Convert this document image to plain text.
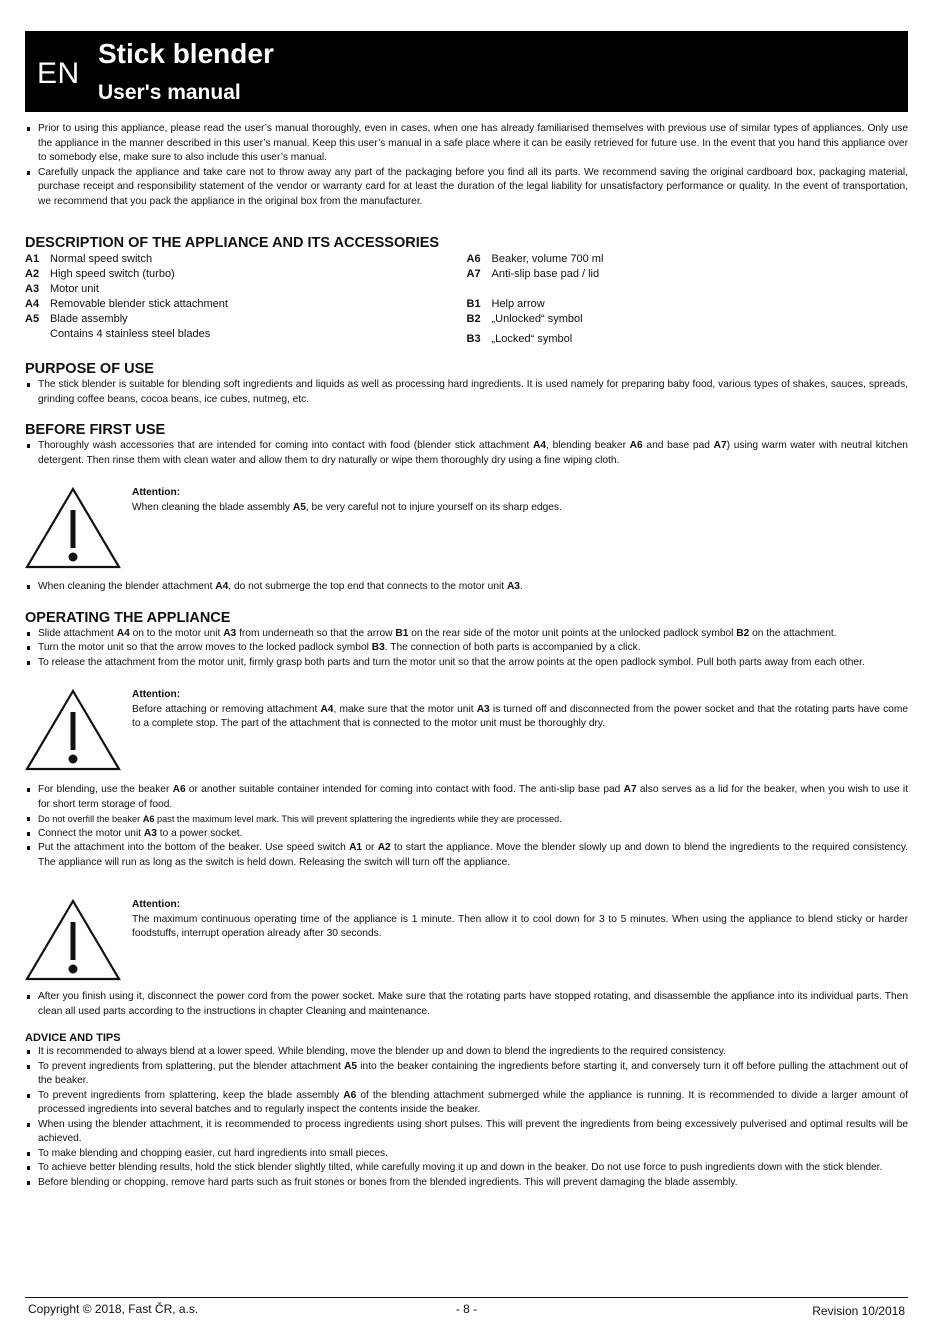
EN
Stick blender
User's manual
Prior to using this appliance, please read the user’s manual thoroughly, even in cases, when one has already familiarised themselves with previous use of similar types of appliances. Only use the appliance in the manner described in this user’s manual. Keep this user’s manual in a safe place where it can be easily retrieved for future use. In the event that you hand this appliance over to somebody else, make sure to also include this user’s manual.
Carefully unpack the appliance and take care not to throw away any part of the packaging before you find all its parts. We recommend saving the original cardboard box, packaging material, purchase receipt and responsibility statement of the vendor or warranty card for at least the duration of the legal liability for unsatisfactory performance or quality. In the event of transportation, we recommend that you pack the appliance in the original box from the manufacturer.
DESCRIPTION OF THE APPLIANCE AND ITS ACCESSORIES
A1 Normal speed switch
A2 High speed switch (turbo)
A3 Motor unit
A4 Removable blender stick attachment
A5 Blade assembly
Contains 4 stainless steel blades
A6 Beaker, volume 700 ml
A7 Anti-slip base pad / lid
B1 Help arrow
B2 „Unlocked“ symbol
B3 „Locked“ symbol
PURPOSE OF USE
The stick blender is suitable for blending soft ingredients and liquids as well as processing hard ingredients. It is used namely for preparing baby food, various types of shakes, sauces, spreads, grinding coffee beans, cocoa beans, ice cubes, nutmeg, etc.
BEFORE FIRST USE
Thoroughly wash accessories that are intended for coming into contact with food (blender stick attachment A4, blending beaker A6 and base pad A7) using warm water with neutral kitchen detergent. Then rinse them with clean water and allow them to dry naturally or wipe them thoroughly dry using a fine wiping cloth.
Attention:
When cleaning the blade assembly A5, be very careful not to injure yourself on its sharp edges.
When cleaning the blender attachment A4, do not submerge the top end that connects to the motor unit A3.
OPERATING THE APPLIANCE
Slide attachment A4 on to the motor unit A3 from underneath so that the arrow B1 on the rear side of the motor unit points at the unlocked padlock symbol B2 on the attachment.
Turn the motor unit so that the arrow moves to the locked padlock symbol B3. The connection of both parts is accompanied by a click.
To release the attachment from the motor unit, firmly grasp both parts and turn the motor unit so that the arrow points at the open padlock symbol. Pull both parts away from each other.
Attention:
Before attaching or removing attachment A4, make sure that the motor unit A3 is turned off and disconnected from the power socket and that the rotating parts have come to a complete stop. The part of the attachment that is connected to the motor unit must be thoroughly dry.
For blending, use the beaker A6 or another suitable container intended for coming into contact with food. The anti-slip base pad A7 also serves as a lid for the beaker, when you wish to use it for short term storage of food.
Do not overfill the beaker A6 past the maximum level mark. This will prevent splattering the ingredients while they are processed.
Connect the motor unit A3 to a power socket.
Put the attachment into the bottom of the beaker. Use speed switch A1 or A2 to start the appliance. Move the blender slowly up and down to blend the ingredients to the required consistency. The appliance will run as long as the switch is held down. Releasing the switch will turn off the appliance.
Attention:
The maximum continuous operating time of the appliance is 1 minute. Then allow it to cool down for 3 to 5 minutes. When using the appliance to blend sticky or harder foodstuffs, interrupt operation already after 30 seconds.
After you finish using it, disconnect the power cord from the power socket. Make sure that the rotating parts have stopped rotating, and disassemble the appliance into its individual parts. Then clean all used parts according to the instructions in chapter Cleaning and maintenance.
ADVICE AND TIPS
It is recommended to always blend at a lower speed. While blending, move the blender up and down to blend the ingredients to the required consistency.
To prevent ingredients from splattering, put the blender attachment A5 into the beaker containing the ingredients before starting it, and conversely turn it off before pulling the attachment out of the beaker.
To prevent ingredients from splattering, keep the blade assembly A6 of the blending attachment submerged while the appliance is running. It is recommended to divide a larger amount of processed ingredients into several batches and to regularly inspect the contents inside the beaker.
When using the blender attachment, it is recommended to process ingredients using short pulses. This will prevent the ingredients from being excessively pulverised and optimal results will be achieved.
To make blending and chopping easier, cut hard ingredients into small pieces.
To achieve better blending results, hold the stick blender slightly tilted, while carefully moving it up and down in the beaker. Do not use force to push ingredients down with the stick blender.
Before blending or chopping, remove hard parts such as fruit stones or bones from the blended ingredients. This will prevent damaging the blade assembly.
Copyright © 2018, Fast ČR, a.s.	- 8 -	Revision 10/2018
